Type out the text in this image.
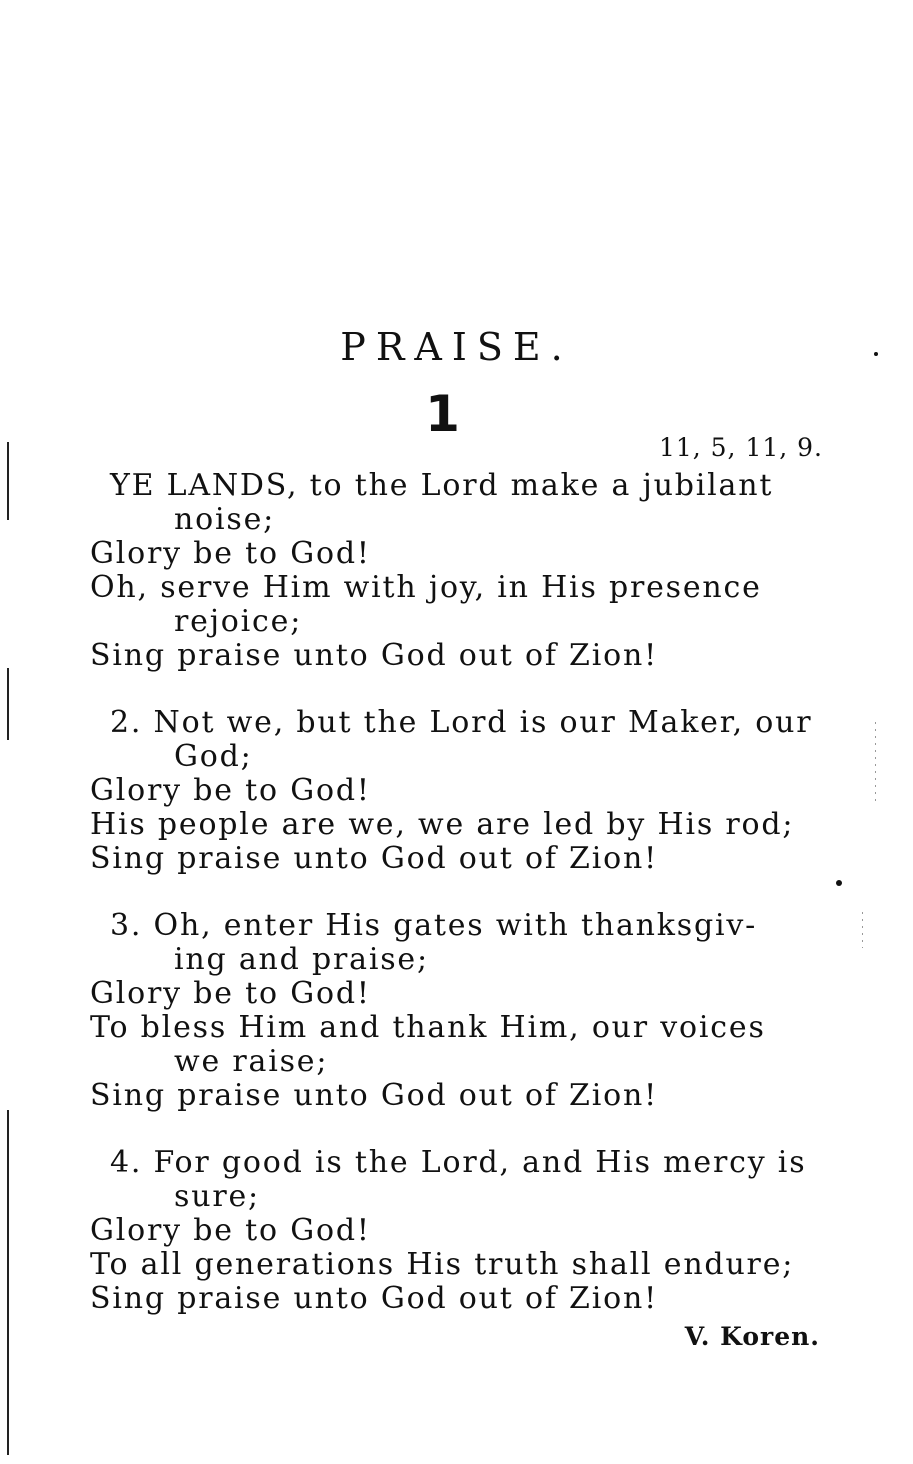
PRAISE.
1
11, 5, 11, 9.
YE LANDS, to the Lord make a jubilant
noise;
Glory be to God!
Oh, serve Him with joy, in His presence
rejoice;
Sing praise unto God out of Zion!
2. Not we, but the Lord is our Maker, our
God;
Glory be to God!
His people are we, we are led by His rod;
Sing praise unto God out of Zion!
3. Oh, enter His gates with thanksgiv-
ing and praise;
Glory be to God!
To bless Him and thank Him, our voices
we raise;
Sing praise unto God out of Zion!
4. For good is the Lord, and His mercy is
sure;
Glory be to God!
To all generations His truth shall endure;
Sing praise unto God out of Zion!
V. Koren.
